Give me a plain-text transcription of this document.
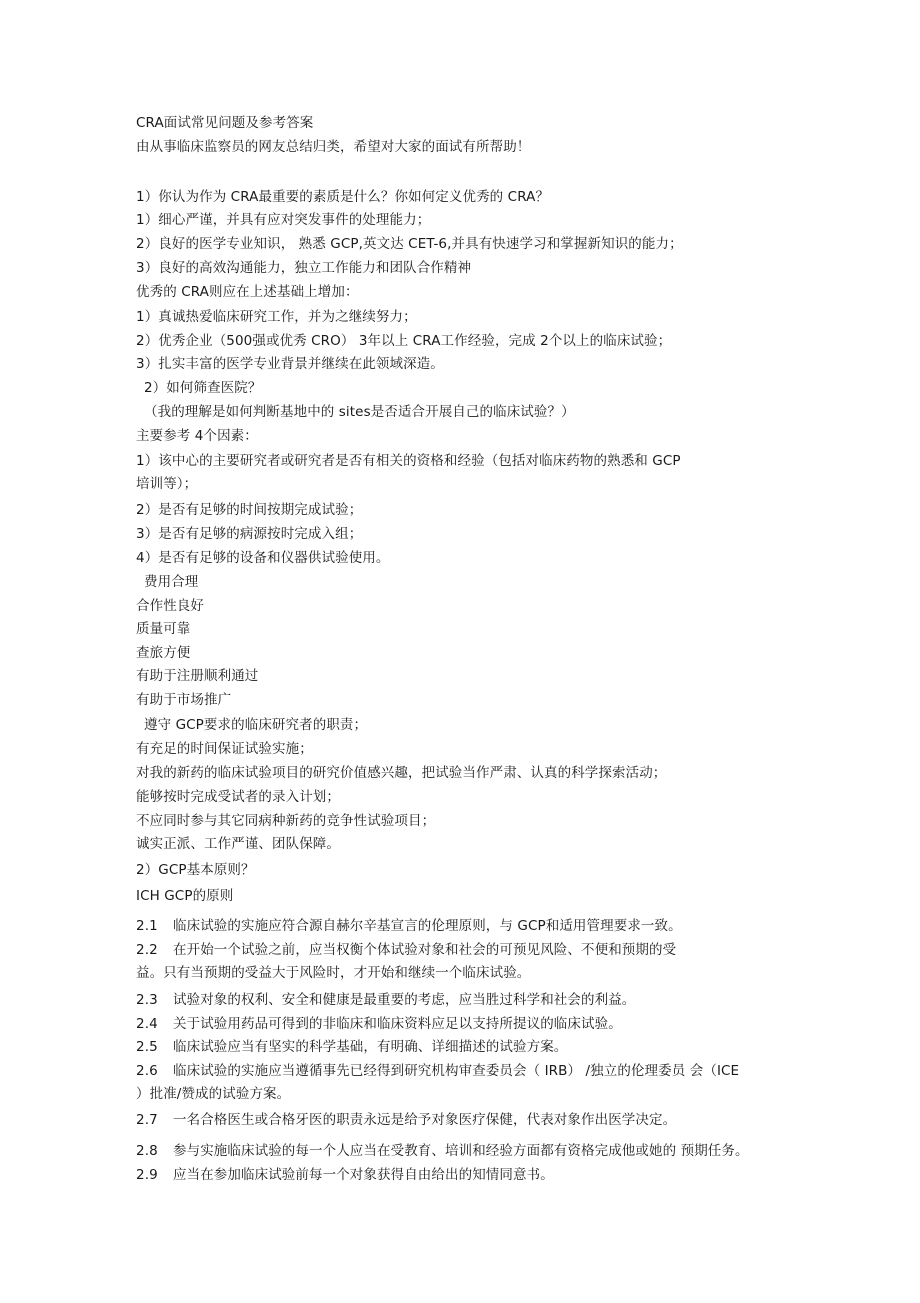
CRA面试常见问题及参考答案
由从事临床监察员的网友总结归类，希望对大家的面试有所帮助！
1）你认为作为 CRA最重要的素质是什么？你如何定义优秀的 CRA？
1）细心严谨，并具有应对突发事件的处理能力；
2）良好的医学专业知识， 熟悉 GCP,英文达 CET-6,并具有快速学习和掌握新知识的能力；
3）良好的高效沟通能力，独立工作能力和团队合作精神
优秀的 CRA则应在上述基础上增加：
1）真诚热爱临床研究工作，并为之继续努力；
2）优秀企业（500强或优秀 CRO） 3年以上 CRA工作经验，完成 2个以上的临床试验；
3）扎实丰富的医学专业背景并继续在此领域深造。
2）如何筛查医院？
（我的理解是如何判断基地中的 sites是否适合开展自己的临床试验？）
主要参考 4个因素：
1）该中心的主要研究者或研究者是否有相关的资格和经验（包括对临床药物的熟悉和 GCP
培训等）；
2）是否有足够的时间按期完成试验；
3）是否有足够的病源按时完成入组；
4）是否有足够的设备和仪器供试验使用。
费用合理
合作性良好
质量可靠
查旅方便
有助于注册顺利通过
有助于市场推广
遵守 GCP要求的临床研究者的职责；
有充足的时间保证试验实施；
对我的新药的临床试验项目的研究价值感兴趣，把试验当作严肃、认真的科学探索活动；
能够按时完成受试者的录入计划；
不应同时参与其它同病种新药的竞争性试验项目；
诚实正派、工作严谨、团队保障。
2）GCP基本原则？
ICH GCP的原则
2.1 临床试验的实施应符合源自赫尔辛基宣言的伦理原则，与 GCP和适用管理要求一致。
2.2 在开始一个试验之前，应当权衡个体试验对象和社会的可预见风险、不便和预期的受
益。只有当预期的受益大于风险时，才开始和继续一个临床试验。
2.3 试验对象的权利、安全和健康是最重要的考虑，应当胜过科学和社会的利益。
2.4 关于试验用药品可得到的非临床和临床资料应足以支持所提议的临床试验。
2.5 临床试验应当有坚实的科学基础，有明确、详细描述的试验方案。
2.6 临床试验的实施应当遵循事先已经得到研究机构审查委员会（ IRB） /独立的伦理委员 会（ICE
）批准/赞成的试验方案。
2.7 一名合格医生或合格牙医的职责永远是给予对象医疗保健，代表对象作出医学决定。
2.8 参与实施临床试验的每一个人应当在受教育、培训和经验方面都有资格完成他或她的 预期任务。
2.9 应当在参加临床试验前每一个对象获得自由给出的知情同意书。
